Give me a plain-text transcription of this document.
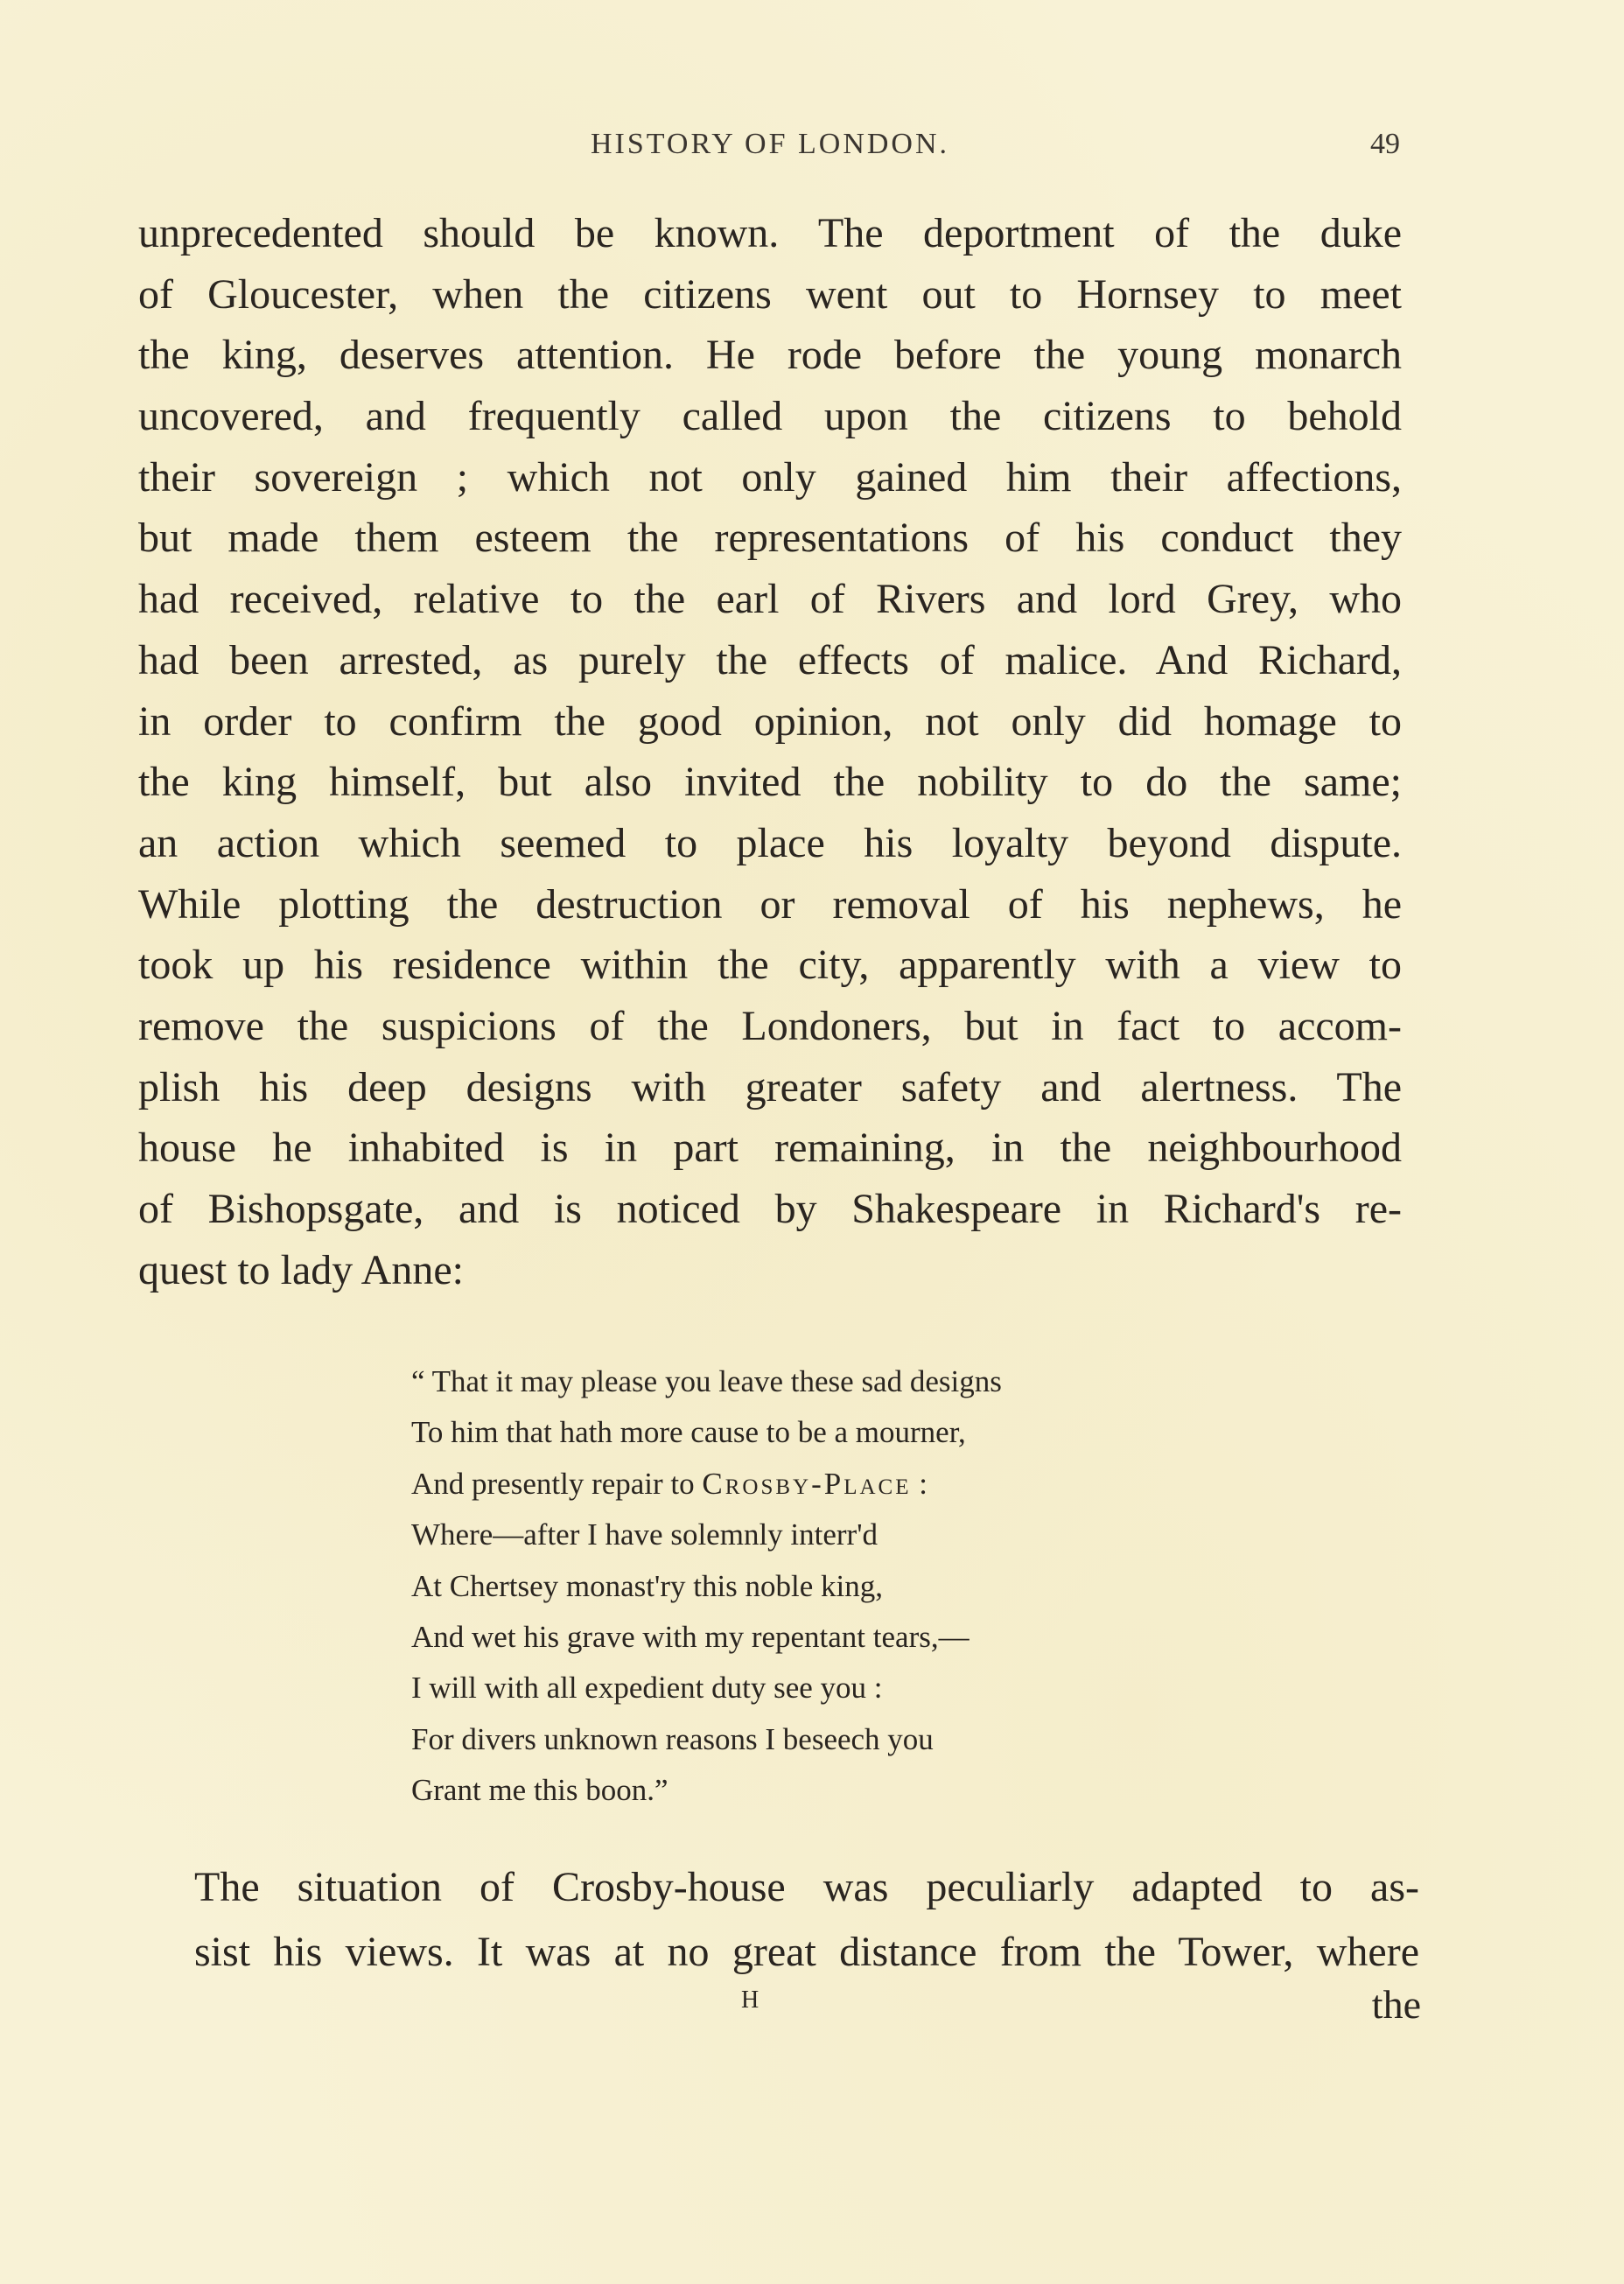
HISTORY OF LONDON.	49
unprecedented should be known. The deportment of the duke
of Gloucester, when the citizens went out to Hornsey to meet
the king, deserves attention. He rode before the young monarch
uncovered, and frequently called upon the citizens to behold
their sovereign ; which not only gained him their affections,
but made them esteem the representations of his conduct they
had received, relative to the earl of Rivers and lord Grey, who
had been arrested, as purely the effects of malice. And Richard,
in order to confirm the good opinion, not only did homage to
the king himself, but also invited the nobility to do the same;
an action which seemed to place his loyalty beyond dispute.
While plotting the destruction or removal of his nephews, he
took up his residence within the city, apparently with a view to
remove the suspicions of the Londoners, but in fact to accom-
plish his deep designs with greater safety and alertness. The
house he inhabited is in part remaining, in the neighbourhood
of Bishopsgate, and is noticed by Shakespeare in Richard's re-
quest to lady Anne:
“ That it may please you leave these sad designs
To him that hath more cause to be a mourner,
And presently repair to Crosby-Place :
Where—after I have solemnly interr'd
At Chertsey monast'ry this noble king,
And wet his grave with my repentant tears,—
I will with all expedient duty see you :
For divers unknown reasons I beseech you
Grant me this boon.”
The situation of Crosby-house was peculiarly adapted to as-
sist his views. It was at no great distance from the Tower, where
H	the
